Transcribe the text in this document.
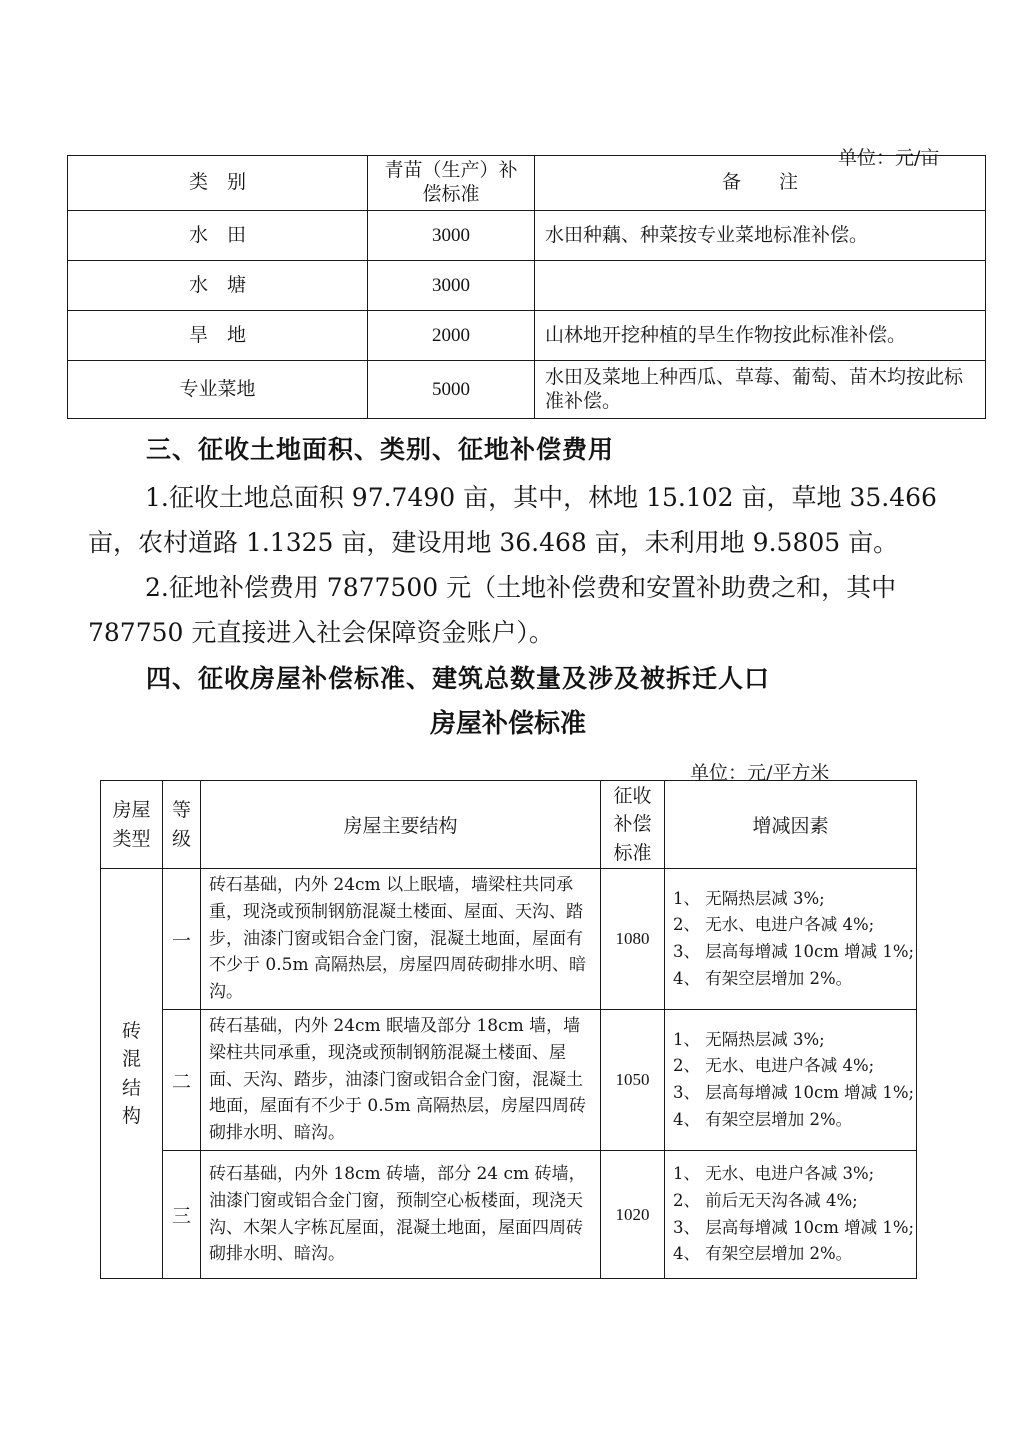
单位：元/亩
类　别	青苗（生产）补偿标准	备　　注
水　田	3000	水田种藕、种菜按专业菜地标准补偿。
水　塘	3000	
旱　地	2000	山林地开挖种植的旱生作物按此标准补偿。
专业菜地	5000	水田及菜地上种西瓜、草莓、葡萄、苗木均按此标准补偿。
三、征收土地面积、类别、征地补偿费用
1.征收土地总面积 97.7490 亩，其中，林地 15.102 亩，草地 35.466
亩，农村道路 1.1325 亩，建设用地 36.468 亩，未利用地 9.5805 亩。
2.征地补偿费用 7877500 元（土地补偿费和安置补助费之和，其中
787750 元直接进入社会保障资金账户）。
四、征收房屋补偿标准、建筑总数量及涉及被拆迁人口
房屋补偿标准
单位：元/平方米
房屋类型	等级	房屋主要结构	征收补偿标准	增减因素
砖混结构	一	砖石基础，内外 24cm 以上眠墙，墙梁柱共同承重，现浇或预制钢筋混凝土楼面、屋面、天沟、踏步，油漆门窗或铝合金门窗，混凝土地面，屋面有不少于 0.5m 高隔热层，房屋四周砖砌排水明、暗沟。	1080	1、 无隔热层减 3%;
2、 无水、电进户各减 4%;
3、 层高每增减 10cm 增减 1%;
4、 有架空层增加 2%。

	二	砖石基础，内外 24cm 眠墙及部分 18cm 墙，墙梁柱共同承重，现浇或预制钢筋混凝土楼面、屋面、天沟、踏步，油漆门窗或铝合金门窗，混凝土地面，屋面有不少于 0.5m 高隔热层，房屋四周砖砌排水明、暗沟。	1050	1、 无隔热层减 3%;
2、 无水、电进户各减 4%;
3、 层高每增减 10cm 增减 1%;
4、 有架空层增加 2%。

	三	砖石基础，内外 18cm 砖墙，部分 24 cm 砖墙，油漆门窗或铝合金门窗，预制空心板楼面，现浇天沟、木架人字栋瓦屋面，混凝土地面，屋面四周砖砌排水明、暗沟。	1020	1、 无水、电进户各减 3%;
2、 前后无天沟各减 4%;
3、 层高每增减 10cm 增减 1%;
4、 有架空层增加 2%。
